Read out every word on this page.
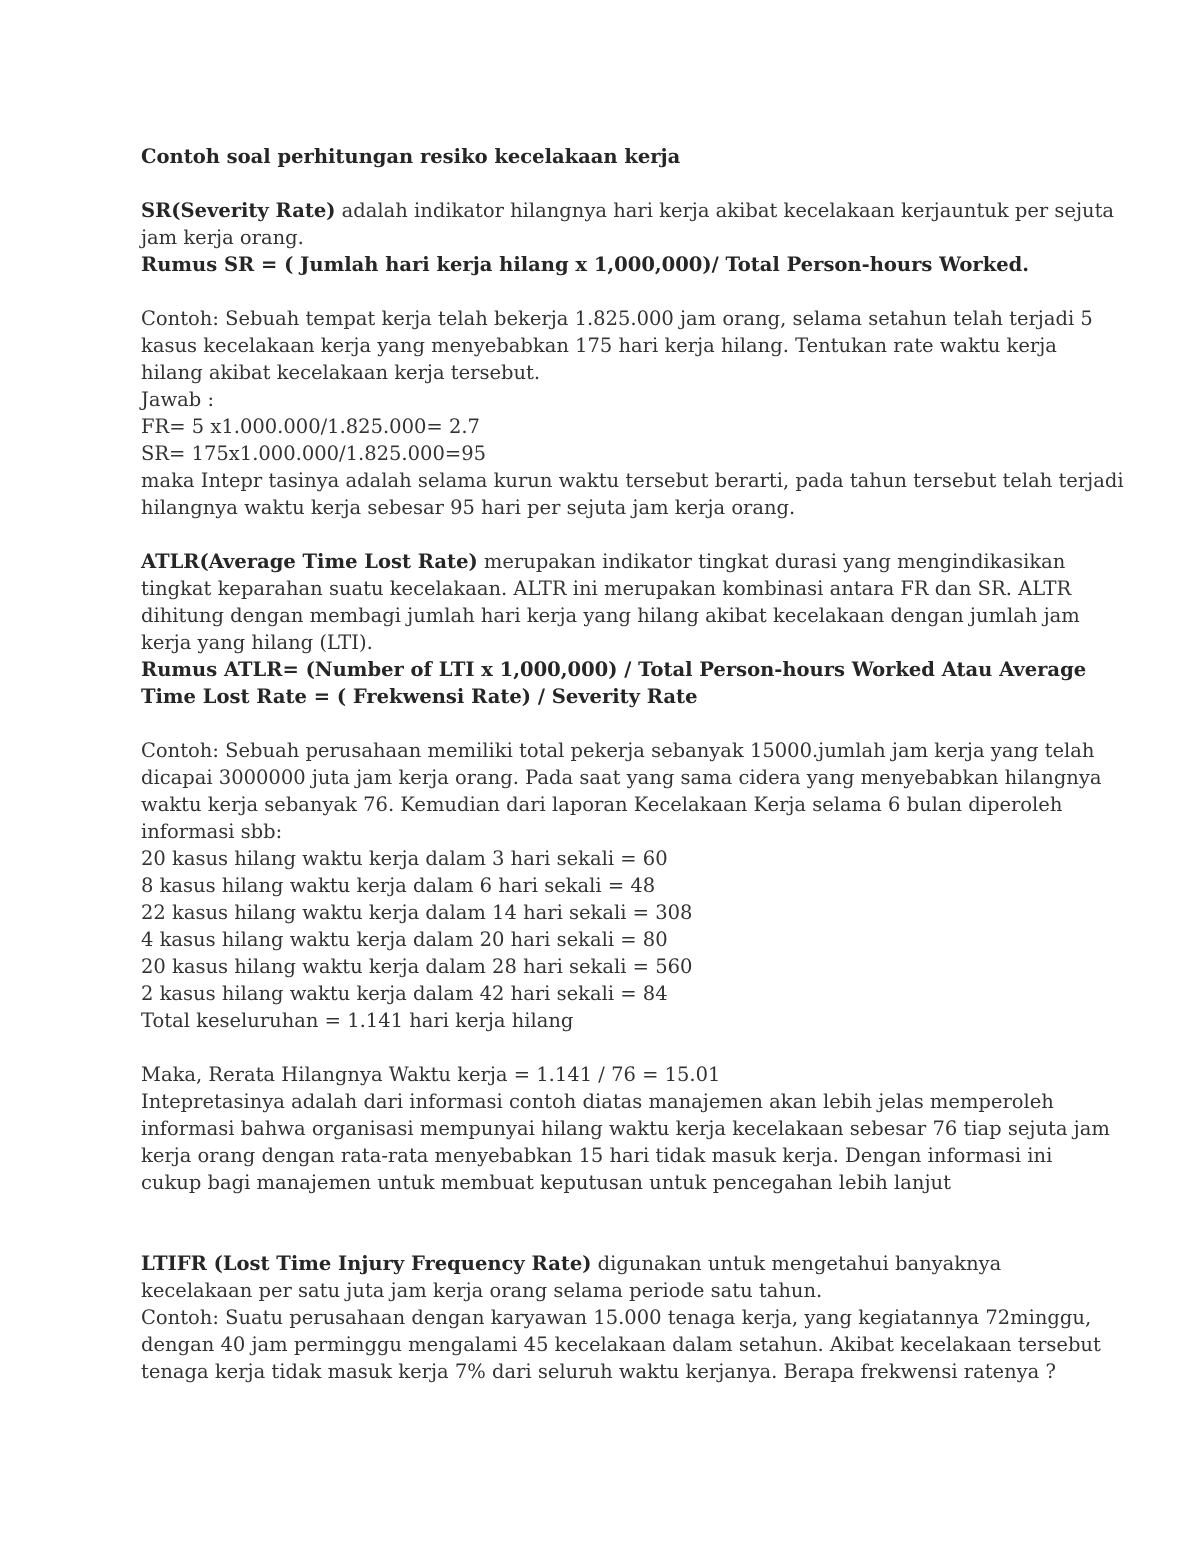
Contoh soal perhitungan resiko kecelakaan kerja
SR(Severity Rate) adalah indikator hilangnya hari kerja akibat kecelakaan kerjauntuk per sejuta
jam kerja orang.
Rumus SR = ( Jumlah hari kerja hilang x 1,000,000)/ Total Person-hours Worked.
Contoh: Sebuah tempat kerja telah bekerja 1.825.000 jam orang, selama setahun telah terjadi 5
kasus kecelakaan kerja yang menyebabkan 175 hari kerja hilang. Tentukan rate waktu kerja
hilang akibat kecelakaan kerja tersebut.
Jawab :
FR= 5 x1.000.000/1.825.000= 2.7
SR= 175x1.000.000/1.825.000=95
maka Intepr tasinya adalah selama kurun waktu tersebut berarti, pada tahun tersebut telah terjadi
hilangnya waktu kerja sebesar 95 hari per sejuta jam kerja orang.
ATLR(Average Time Lost Rate) merupakan indikator tingkat durasi yang mengindikasikan
tingkat keparahan suatu kecelakaan. ALTR ini merupakan kombinasi antara FR dan SR. ALTR
dihitung dengan membagi jumlah hari kerja yang hilang akibat kecelakaan dengan jumlah jam
kerja yang hilang (LTI).
Rumus ATLR= (Number of LTI x 1,000,000) / Total Person-hours Worked Atau Average
Time Lost Rate = ( Frekwensi Rate) / Severity Rate
Contoh: Sebuah perusahaan memiliki total pekerja sebanyak 15000.jumlah jam kerja yang telah
dicapai 3000000 juta jam kerja orang. Pada saat yang sama cidera yang menyebabkan hilangnya
waktu kerja sebanyak 76. Kemudian dari laporan Kecelakaan Kerja selama 6 bulan diperoleh
informasi sbb:
20 kasus hilang waktu kerja dalam 3 hari sekali = 60
8 kasus hilang waktu kerja dalam 6 hari sekali = 48
22 kasus hilang waktu kerja dalam 14 hari sekali = 308
4 kasus hilang waktu kerja dalam 20 hari sekali = 80
20 kasus hilang waktu kerja dalam 28 hari sekali = 560
2 kasus hilang waktu kerja dalam 42 hari sekali = 84
Total keseluruhan = 1.141 hari kerja hilang
Maka, Rerata Hilangnya Waktu kerja = 1.141 / 76 = 15.01
Intepretasinya adalah dari informasi contoh diatas manajemen akan lebih jelas memperoleh
informasi bahwa organisasi mempunyai hilang waktu kerja kecelakaan sebesar 76 tiap sejuta jam
kerja orang dengan rata-rata menyebabkan 15 hari tidak masuk kerja. Dengan informasi ini
cukup bagi manajemen untuk membuat keputusan untuk pencegahan lebih lanjut
LTIFR (Lost Time Injury Frequency Rate) digunakan untuk mengetahui banyaknya
kecelakaan per satu juta jam kerja orang selama periode satu tahun.
Contoh: Suatu perusahaan dengan karyawan 15.000 tenaga kerja, yang kegiatannya 72minggu,
dengan 40 jam perminggu mengalami 45 kecelakaan dalam setahun. Akibat kecelakaan tersebut
tenaga kerja tidak masuk kerja 7% dari seluruh waktu kerjanya. Berapa frekwensi ratenya ?
